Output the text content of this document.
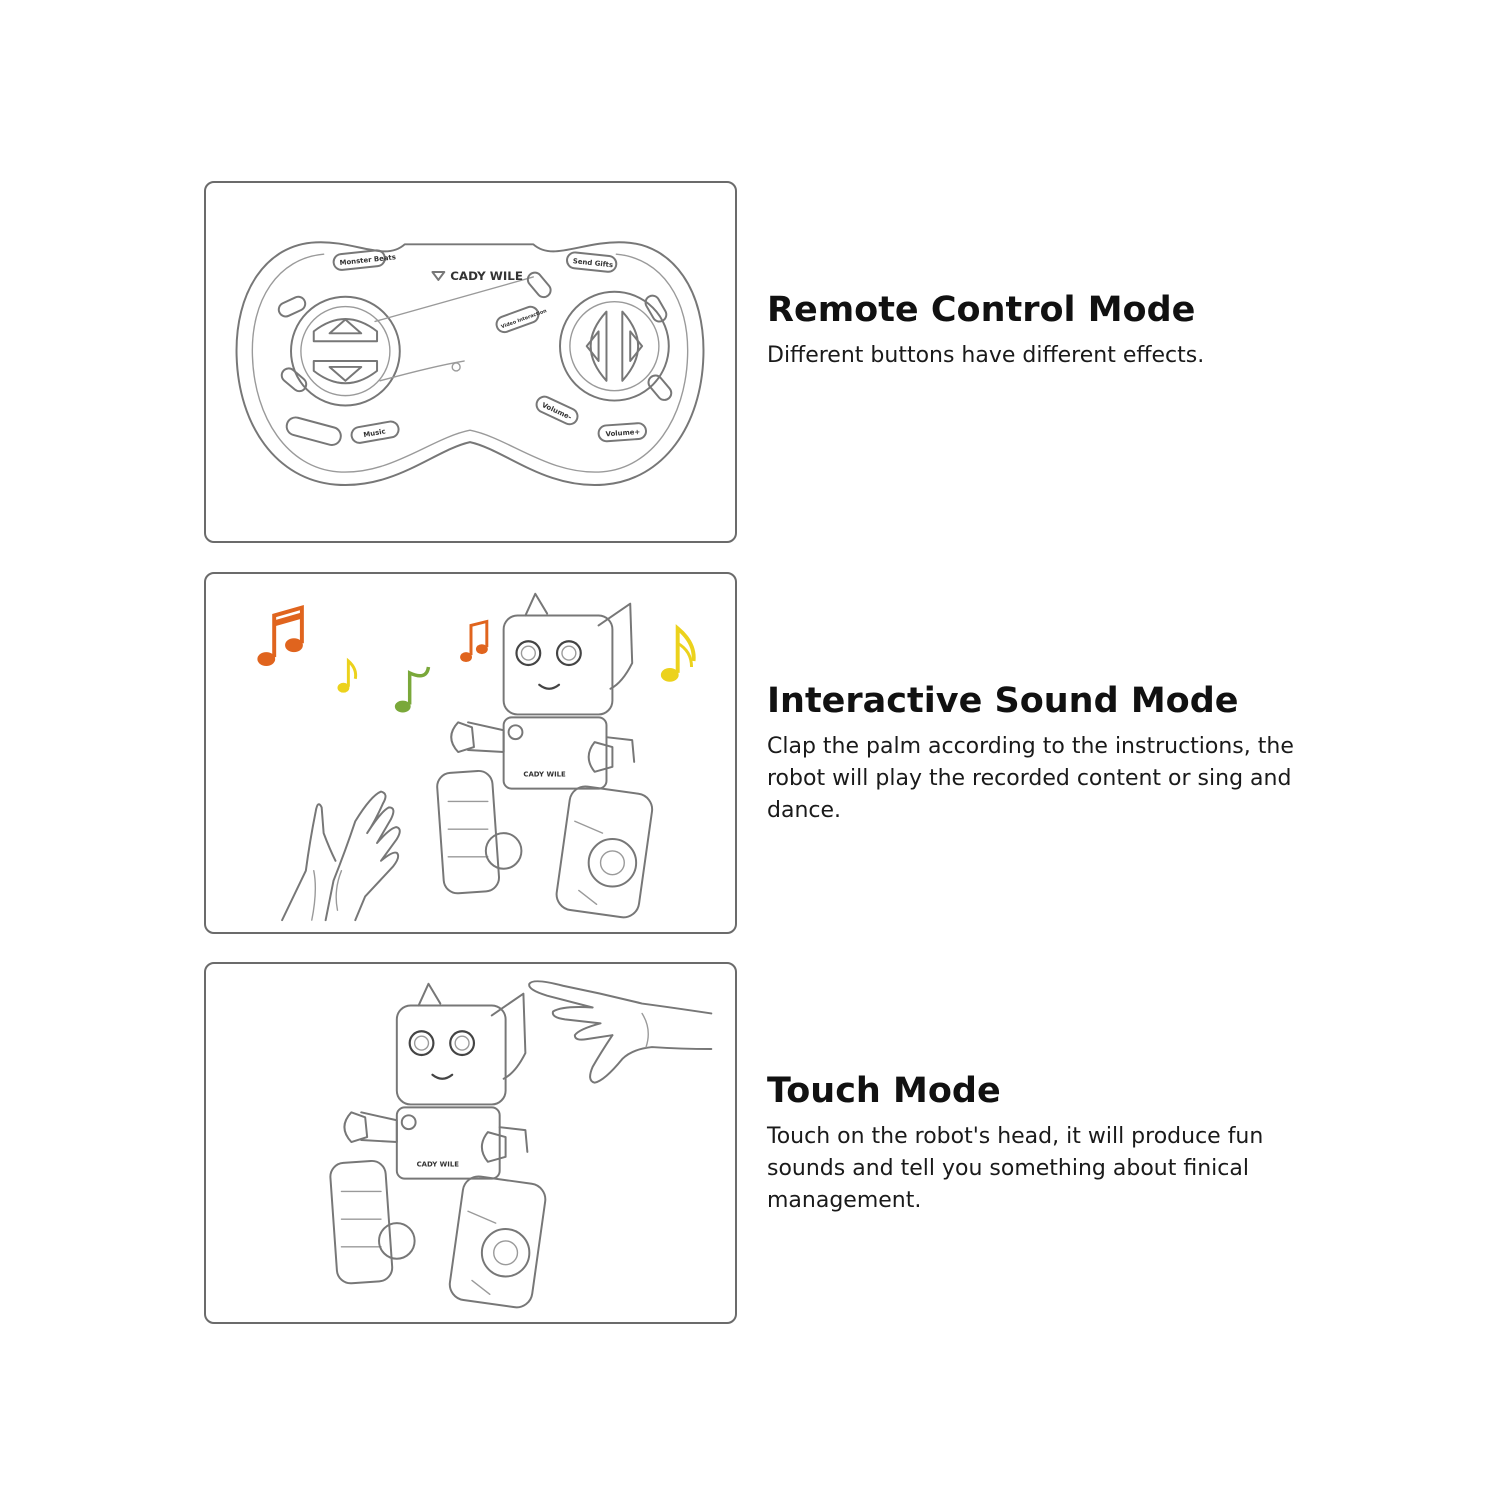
Monster Beats	Send Gifts
Video Interaction
Music
Volume-
Volume+
CADY WILE
Remote Control Mode

Different buttons have different effects.

CADY WILE
Interactive Sound Mode

Clap the palm according to the instructions, the robot will play the recorded content or sing and dance.

CADY WILE
Touch Mode

Touch on the robot's head, it will produce fun sounds and tell you something about finical management.
